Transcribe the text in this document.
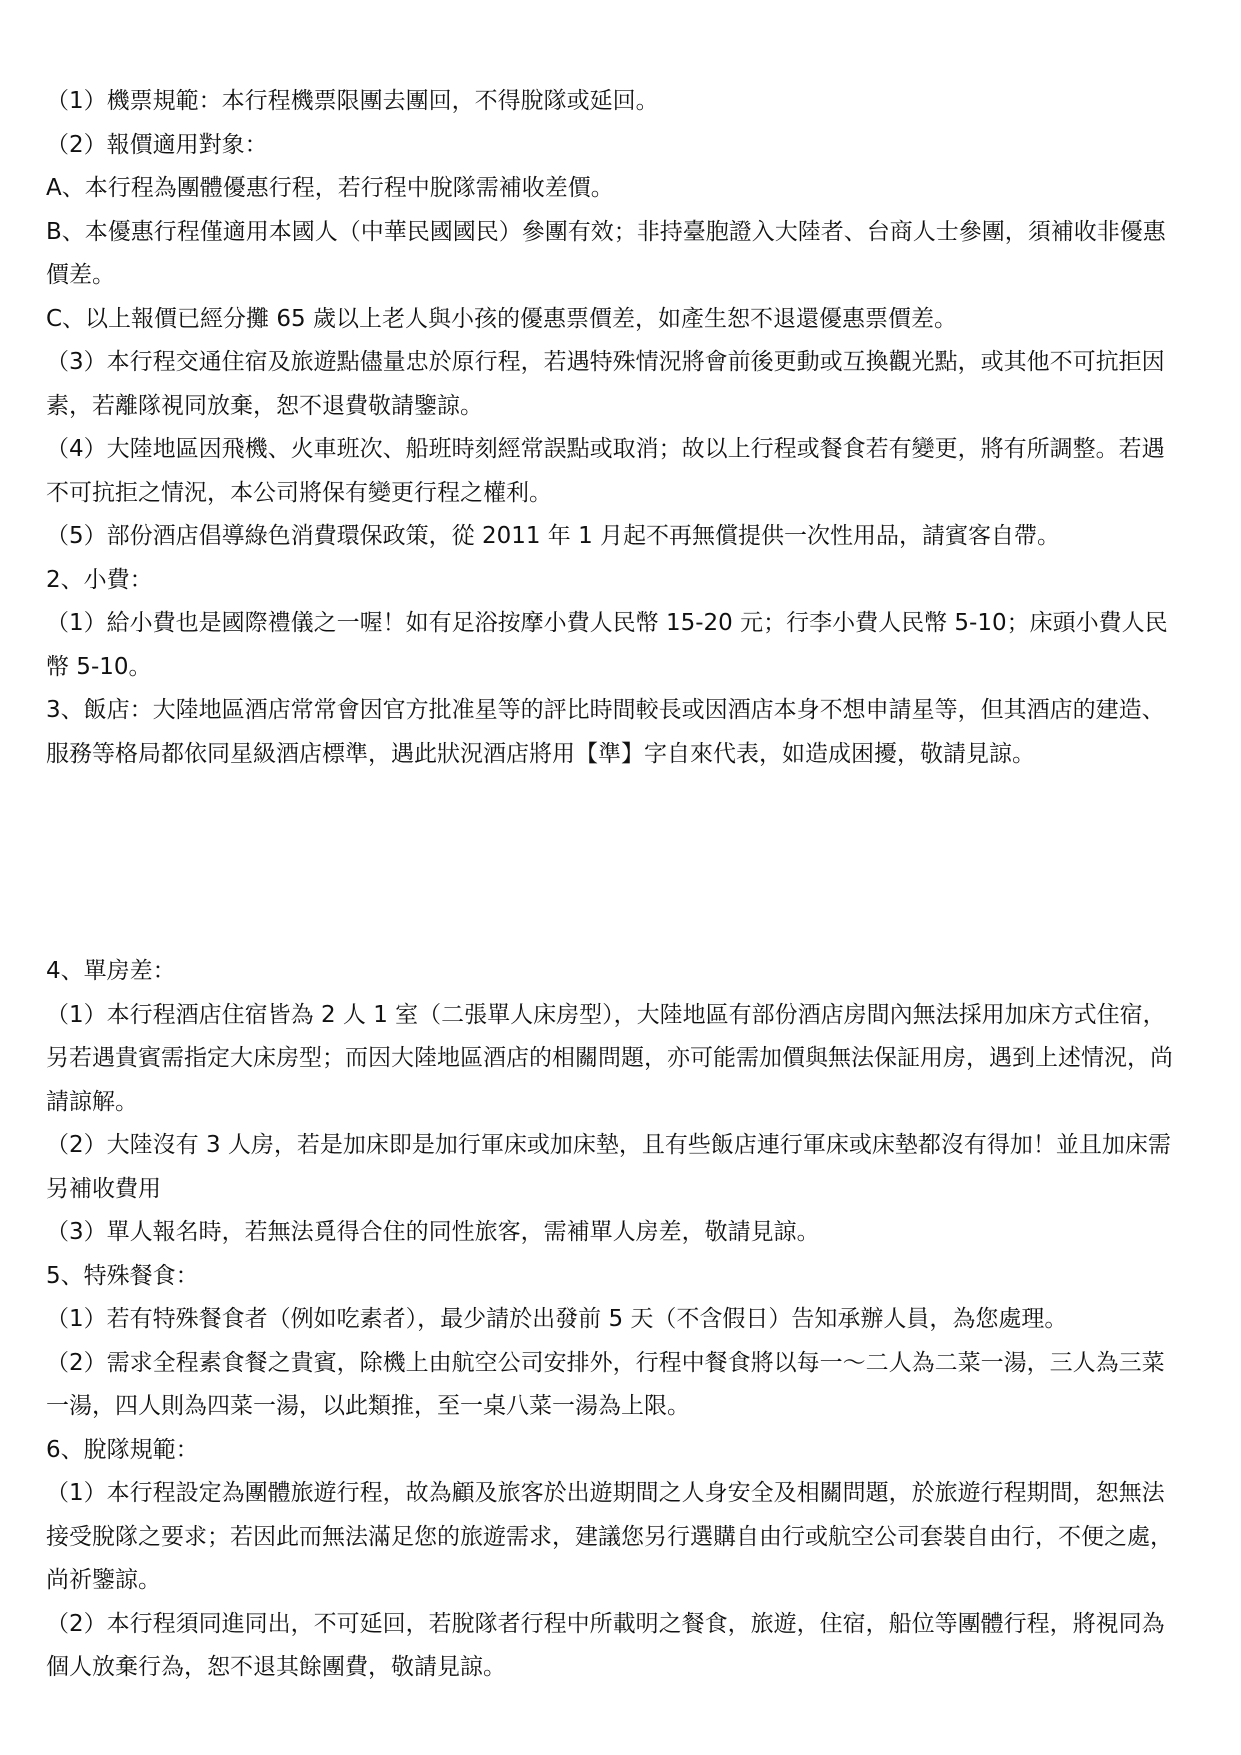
（1）機票規範：本行程機票限團去團回，不得脫隊或延回。

（2）報價適用對象：

A、本行程為團體優惠行程，若行程中脫隊需補收差價。

B、本優惠行程僅適用本國人（中華民國國民）參團有效；非持臺胞證入大陸者、台商人士參團，須補收非優惠價差。

C、以上報價已經分攤 65 歲以上老人與小孩的優惠票價差，如產生恕不退還優惠票價差。

（3）本行程交通住宿及旅遊點儘量忠於原行程，若遇特殊情況將會前後更動或互換觀光點，或其他不可抗拒因素，若離隊視同放棄，恕不退費敬請鑒諒。

（4）大陸地區因飛機、火車班次、船班時刻經常誤點或取消；故以上行程或餐食若有變更，將有所調整。若遇不可抗拒之情況，本公司將保有變更行程之權利。

（5）部份酒店倡導綠色消費環保政策，從 2011 年 1 月起不再無償提供一次性用品，請賓客自帶。

2、小費：

（1）給小費也是國際禮儀之一喔！如有足浴按摩小費人民幣 15-20 元；行李小費人民幣 5-10；床頭小費人民幣 5-10。

3、飯店：大陸地區酒店常常會因官方批准星等的評比時間較長或因酒店本身不想申請星等，但其酒店的建造、服務等格局都依同星級酒店標準，遇此狀況酒店將用【準】字自來代表，如造成困擾，敬請見諒。

4、單房差：

（1）本行程酒店住宿皆為 2 人 1 室（二張單人床房型），大陸地區有部份酒店房間內無法採用加床方式住宿，另若遇貴賓需指定大床房型；而因大陸地區酒店的相關問題，亦可能需加價與無法保証用房，遇到上述情況，尚請諒解。

（2）大陸沒有 3 人房，若是加床即是加行軍床或加床墊，且有些飯店連行軍床或床墊都沒有得加！並且加床需另補收費用

（3）單人報名時，若無法覓得合住的同性旅客，需補單人房差，敬請見諒。

5、特殊餐食：

（1）若有特殊餐食者（例如吃素者），最少請於出發前 5 天（不含假日）告知承辦人員，為您處理。

（2）需求全程素食餐之貴賓，除機上由航空公司安排外，行程中餐食將以每一～二人為二菜一湯，三人為三菜一湯，四人則為四菜一湯，以此類推，至一桌八菜一湯為上限。

6、脫隊規範：

（1）本行程設定為團體旅遊行程，故為顧及旅客於出遊期間之人身安全及相關問題，於旅遊行程期間，恕無法接受脫隊之要求；若因此而無法滿足您的旅遊需求，建議您另行選購自由行或航空公司套裝自由行，不便之處，尚祈鑒諒。

（2）本行程須同進同出，不可延回，若脫隊者行程中所載明之餐食，旅遊，住宿，船位等團體行程，將視同為個人放棄行為，恕不退其餘團費，敬請見諒。
